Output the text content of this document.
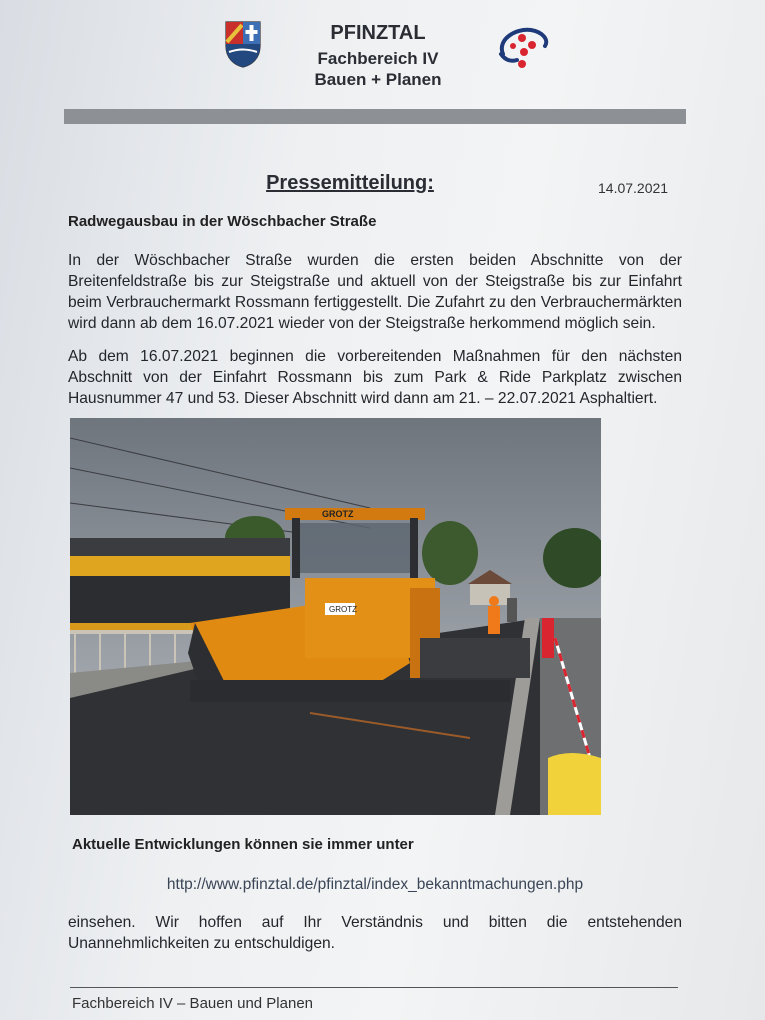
PFINZTAL
Fachbereich IV
Bauen + Planen
Pressemitteilung:	14.07.2021
Radwegausbau in der Wöschbacher Straße
In der Wöschbacher Straße wurden die ersten beiden Abschnitte von der Breitenfeldstraße bis zur Steigstraße und aktuell von der Steigstraße bis zur Einfahrt beim Verbrauchermarkt Rossmann fertiggestellt. Die Zufahrt zu den Verbrauchermärkten wird dann ab dem 16.07.2021 wieder von der Steigstraße herkommend möglich sein.
Ab dem 16.07.2021 beginnen die vorbereitenden Maßnahmen für den nächsten Abschnitt von der Einfahrt Rossmann bis zum Park & Ride Parkplatz zwischen Hausnummer 47 und 53. Dieser Abschnitt wird dann am 21. – 22.07.2021 Asphaltiert.
GROTZ
GROTZ
Aktuelle Entwicklungen können sie immer unter
http://www.pfinztal.de/pfinztal/index_bekanntmachungen.php
einsehen. Wir hoffen auf Ihr Verständnis und bitten die entstehenden Unannehmlichkeiten zu entschuldigen.
Fachbereich IV – Bauen und Planen
